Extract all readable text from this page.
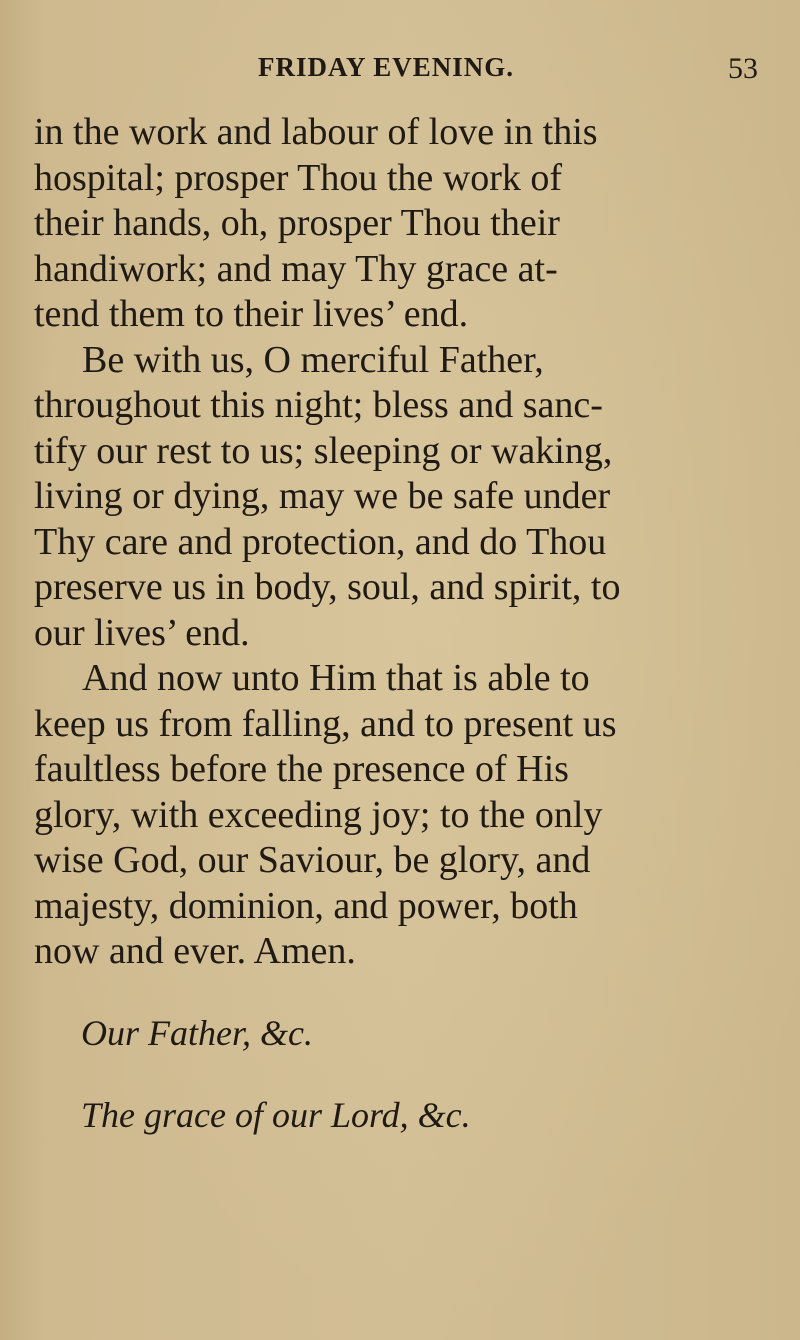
FRIDAY EVENING.	53
in the work and labour of love in this
hospital; prosper Thou the work of
their hands, oh, prosper Thou their
handiwork; and may Thy grace at-
tend them to their lives’ end.
Be with us, O merciful Father,
throughout this night; bless and sanc-
tify our rest to us; sleeping or waking,
living or dying, may we be safe under
Thy care and protection, and do Thou
preserve us in body, soul, and spirit, to
our lives’ end.
And now unto Him that is able to
keep us from falling, and to present us
faultless before the presence of His
glory, with exceeding joy; to the only
wise God, our Saviour, be glory, and
majesty, dominion, and power, both
now and ever. Amen.
Our Father, &c.
The grace of our Lord, &c.
